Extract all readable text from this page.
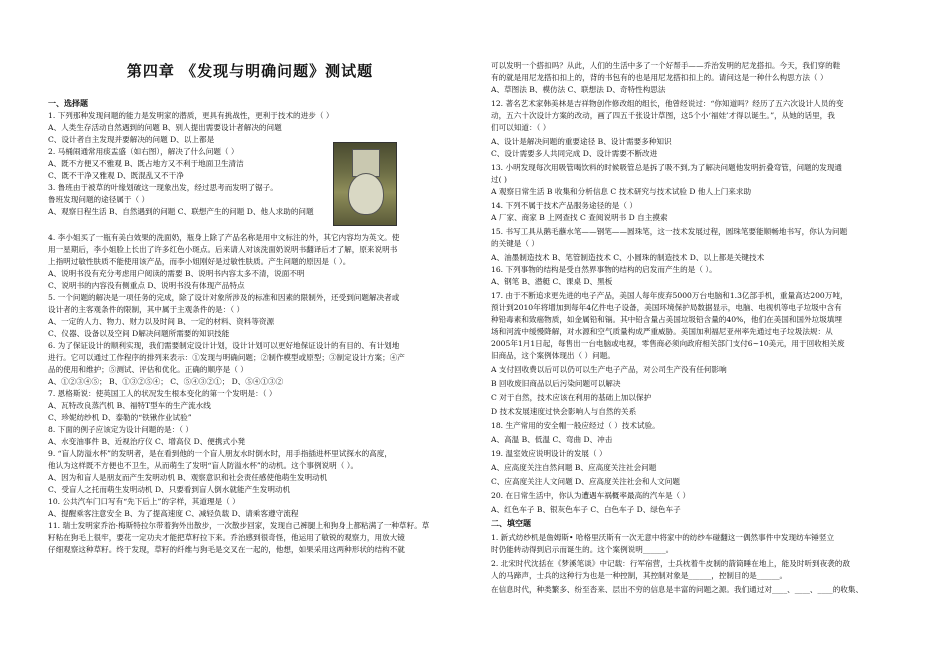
第四章 《发现与明确问题》测试题
一、选择题
1. 下列那种发现问题的能力是发明家的潜质，更具有挑战性，更利于技术的进步（ ）
A、人类生存活动自然遇到的问题 B、别人提出需要设计者解决的问题
C、设计者自主发现并要解决的问题 D、以上都是
2. 马桶闹通常用痰盂盛（如右图），解决了什么问题（ ）
A、既不方便又不雅观 B、既占地方又不利于地面卫生清洁
C、既不干净又雅观 D、既混乱又不干净
3. 鲁班由于被草的叶缘划破这一现象出发，经过思考而发明了锯子。
鲁班发现问题的途径属于（ ）
A、观察日程生活 B、自然遇到的问题 C、联想产生的问题 D、他人求助的问题
4. 李小姐买了一瓶有美白效果的洗面奶，瓶身上除了产品名称是用中文标注的外，其它内容均为英文。使
用一星期后，李小姐脸上长出了许多红色小斑点。后来请人对该洗面奶说明书翻译后才了解，原来说明书
上指明过敏性肤质不能使用该产品，而李小姐刚好是过敏性肤质。产生问题的原因是（ ）。
A、说明书没有充分考虑用户阅读的需要 B、说明书内容太多不清，说面不明
C、说明书的内容没有侧重点 D、说明书没有体现产品特点
5. 一个问题的解决是一项任务的完成，除了设计对象所涉及的标准和因素的限制外，还受到问题解决者或
设计者的主客观条件的限制，其中属于主观条件的是：（ ）
A、一定的人力、物力、财力以及时间 B、一定的材料、资料等资源
C、仪器、设备以及空间 D解决问题所需要的知识技能
6. 为了保证设计的顺利实现，我们需要制定设计计划，设计计划可以更好地保证设计的有目的、有计划地
进行。它可以通过工作程序的排列来表示：①发现与明确问题；②制作模型或原型；③制定设计方案；④产
品的使用和维护；⑤测试、评估和优化。正确的顺序是（ ）
A、①②③④⑤； B、①③②⑤④； C、⑤④③②①； D、⑤④①③②
7. 恩格斯说：使英国工人的状况发生根本变化的第一个发明是：（ ）
A、瓦特改良蒸汽机 B、福特T型车的生产流水线
C、珍妮纺纱机 D、泰勒的“铁锹作业试验”
8. 下面的例子应该定为设计问题的是：（ ）
A、水变油事件 B、近视治疗仪 C、增高仪 D、便携式小凳
9. “盲人防溢水杯”的发明者，是在看到他的一个盲人朋友水时倒水时，用手指插进杯里试探水的高度，
他认为这样既不方便也不卫生，从而萌生了发明“盲人防溢水杯”的动机。这个事例说明（ ）。
A、因为和盲人是朋友而产生发明动机 B、观察意识和社会责任感使他萌生发明动机
C、受盲人之托而萌生发明动机 D、只要看到盲人倒水就能产生发明动机
10. 公共汽车门口写有“先下后上”的字样，其道理是（ ）
A、提醒乘客注意安全 B、为了提高速度 C、减轻负载 D、请乘客遵守流程
11. 瑞士发明家乔治·梅斯特拉尔带着狗外出散步，一次散步回家，发现自己裤腿上和狗身上都粘满了一种草籽。草
籽粘在狗毛上很牢，要花一定功夫才能把草籽拉下来。乔治感到很奇怪，他运用了敏锐的观察力，用放大镜
仔细观察这种草籽。终于发现，草籽的纤维与狗毛是交叉在一起的，他想，如果采用这两种形状的结构不就
可以发明一个搭扣吗？从此，人们的生活中多了一个好帮手——乔治发明的尼龙搭扣。今天，我们穿的鞋
有的就是用尼龙搭扣扣上的，背的书包有的也是用尼龙搭扣扣上的。请问这是一种什么构思方法（ ）
A、草图法 B、模仿法 C、联想法 D、奇特性构思法
12. 著名艺术家韩美林是吉祥物创作修改组的组长，他曾经说过：“你知道吗？经历了五六次设计人员的变
动，五六十次设计方案的改动，画了四五千张设计草图，这5个小‘福娃’才得以诞生。”，从她的话里，我
们可以知道：（ ）
A、设计是解决问题的重要途径 B、设计需要多种知识
C、设计需要多人共同完成 D、设计需要不断改进
13. 小明发现每次用吸管喝饮料的时候吸管总是拆了吸不到,为了解决问题他发明折叠弯管，问题的发现通
过( )
A 观察日常生活 B 收集和分析信息 C 技术研究与技术试验 D 他人上门来求助
14. 下列不属于技术产品服务途径的是（ ）
A 厂家、商家 B 上网查找 C 查阅说明书 D 自主摸索
15. 书写工具从鹅毛蘸水笔——钢笔——圆珠笔，这一技术发展过程，圆珠笔要能顺畅地书写，你认为问题
的关键是（ ）
A、油墨制造技术 B、笔管制造技术 C、小圆珠的制造技术 D、以上都是关键技术
16. 下列事物的结构是受自然界事物的结构的启发而产生的是（ ）。
A、钢笔 B、潜艇 C、课桌 D、黑板
17. 由于不断追求更先进的电子产品，美国人每年废弃5000万台电脑和1.3亿部手机，重量高达200万吨，
预计到2010年将增加到每年4亿件电子设备，美国环境保护局数据显示，电脑、电视机等电子垃圾中含有
种铅毒素和致癌物质，如金属铅和镉。其中铅含量占美国垃圾铅含量的40%，他们在美国和国外垃圾填埋
场和河流中缓慢降解，对水源和空气质量构成严重威胁。美国加利福尼亚州率先通过电子垃圾法规：从
2005年1月1日起，每售出一台电脑或电视，零售商必须向政府相关部门支付6~10美元，用于回收相关废
旧商品，这个案例体现出（ ）问题。
A 支付回收费以后可以仍可以生产电子产品，对公司生产没有任何影响
B 回收废旧商品以后污染问题可以解决
C 对于自然，技术应该在利用的基础上加以保护
D 技术发展速度过快会影响人与自然的关系
18. 生产常用的安全帽一般应经过（ ）技术试验。
A、高温 B、低温 C、弯曲 D、冲击
19. 温室效应说明设计的发展（ ）
A、应高度关注自然问题 B、应高度关注社会问题
C、应高度关注人文问题 D、应高度关注社会和人文问题
20. 在日常生活中，你认为遭遇车祸概率最高的汽车是（ ）
A、红色车子 B、银灰色车子 C、白色车子 D、绿色车子
二、填空题
1. 新式纺纱机是詹姆斯• 哈格里沃斯有一次无意中将家中的纺纱车碰翻这一偶然事件中发现纺车锤竖立
时仍能转动得到启示而诞生的。这个案例说明______。
2. 北宋时代沈括在《梦溪笔谈》中记载：行军宿营，士兵枕着牛皮制的箭筒睡在地上，能及时听到夜袭的敌
人的马蹄声，士兵的这种行为也是一种控制，其控制对象是______，控制目的是______。
在信息时代，种类繁多、纷至沓来、层出不穷的信息是丰富的问题之源。我们通过对____、____、____的收集、
